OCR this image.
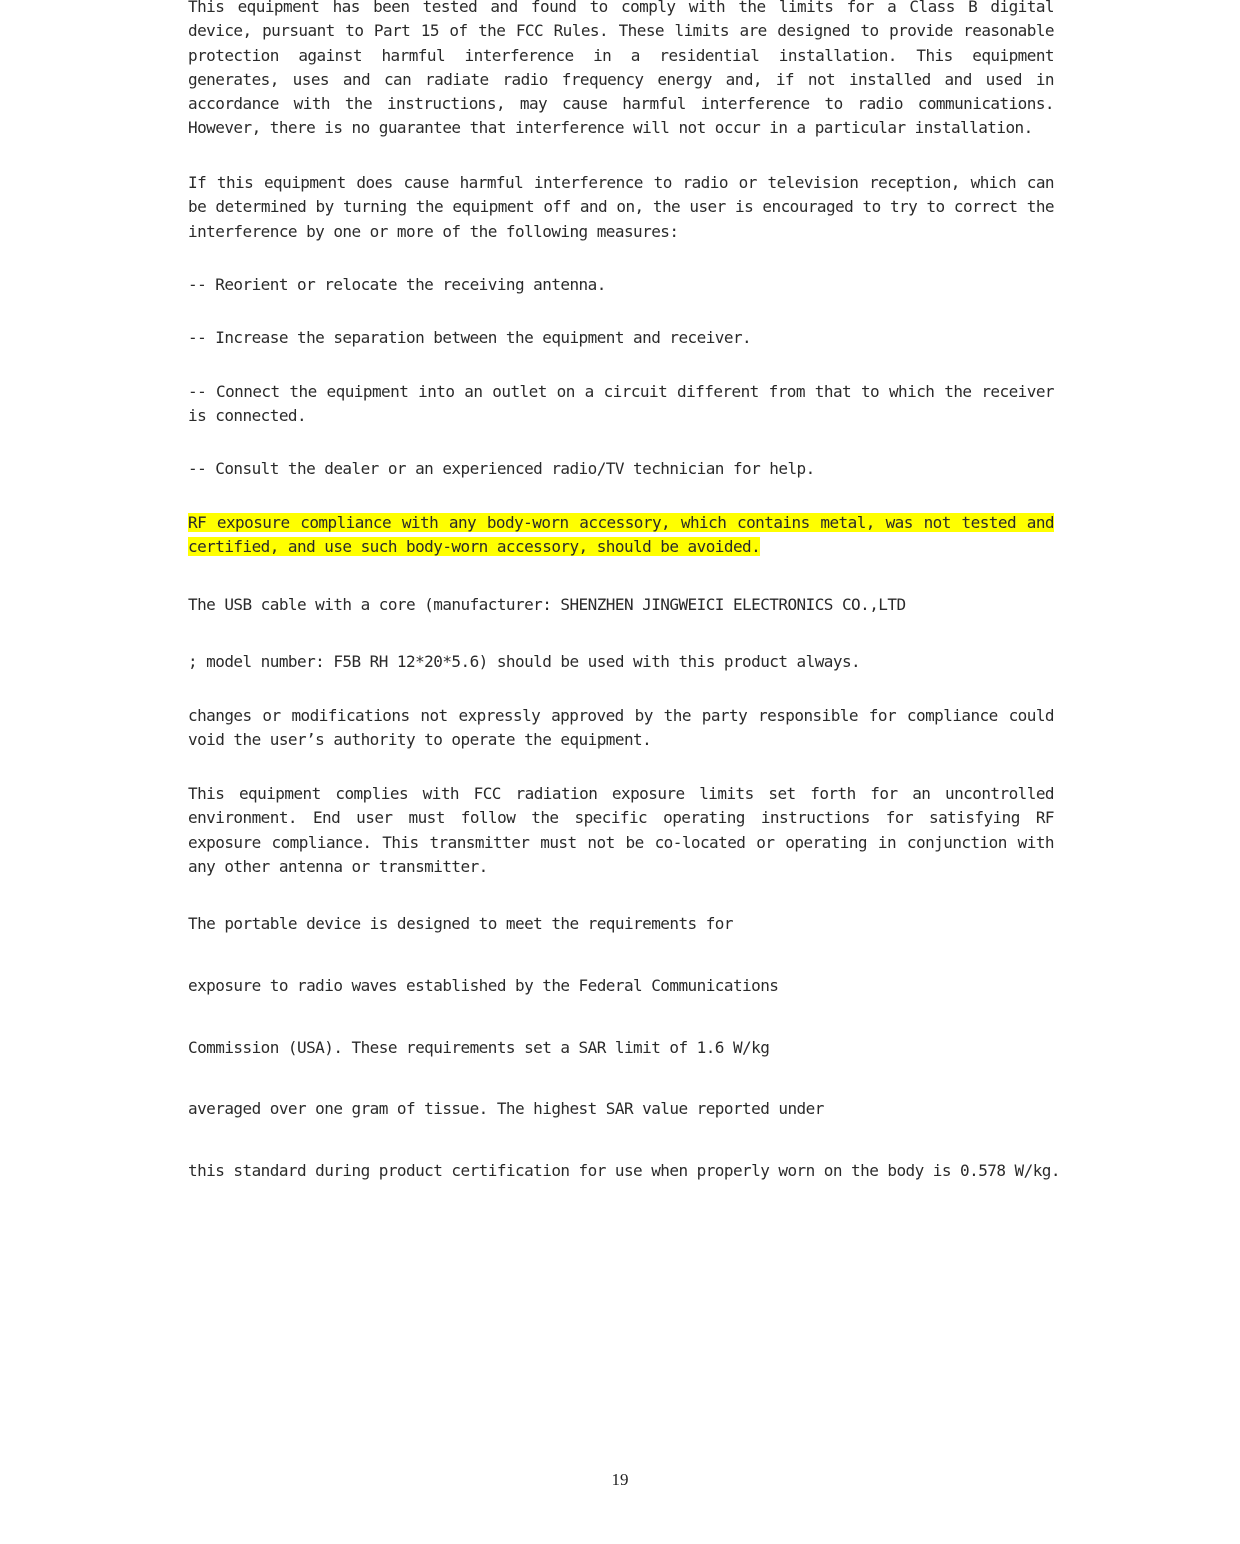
This equipment has been tested and found to comply with the limits for a Class B digital device, pursuant to Part 15 of the FCC Rules. These limits are designed to provide reasonable protection against harmful interference in a residential installation. This equipment generates, uses and can radiate radio frequency energy and, if not installed and used in accordance with the instructions, may cause harmful interference to radio communications. However, there is no guarantee that interference will not occur in a particular installation.

If this equipment does cause harmful interference to radio or television reception, which can be determined by turning the equipment off and on, the user is encouraged to try to correct the interference by one or more of the following measures:

-- Reorient or relocate the receiving antenna.

-- Increase the separation between the equipment and receiver.

-- Connect the equipment into an outlet on a circuit different from that to which the receiver is connected.

-- Consult the dealer or an experienced radio/TV technician for help.

RF exposure compliance with any body-worn accessory, which contains metal, was not tested and certified, and use such body-worn accessory, should be avoided.

The USB cable with a core (manufacturer: SHENZHEN JINGWEICI ELECTRONICS CO.,LTD

; model number: F5B RH 12*20*5.6) should be used with this product always.

changes or modifications not expressly approved by the party responsible for compliance could void the user’s authority to operate the equipment.

This equipment complies with FCC radiation exposure limits set forth for an uncontrolled environment. End user must follow the specific operating instructions for satisfying RF exposure compliance. This transmitter must not be co-located or operating in conjunction with any other antenna or transmitter.

The portable device is designed to meet the requirements for

exposure to radio waves established by the Federal Communications

Commission (USA). These requirements set a SAR limit of 1.6 W/kg

averaged over one gram of tissue. The highest SAR value reported under

this standard during product certification for use when properly worn on the body is 0.578 W/kg.

19
